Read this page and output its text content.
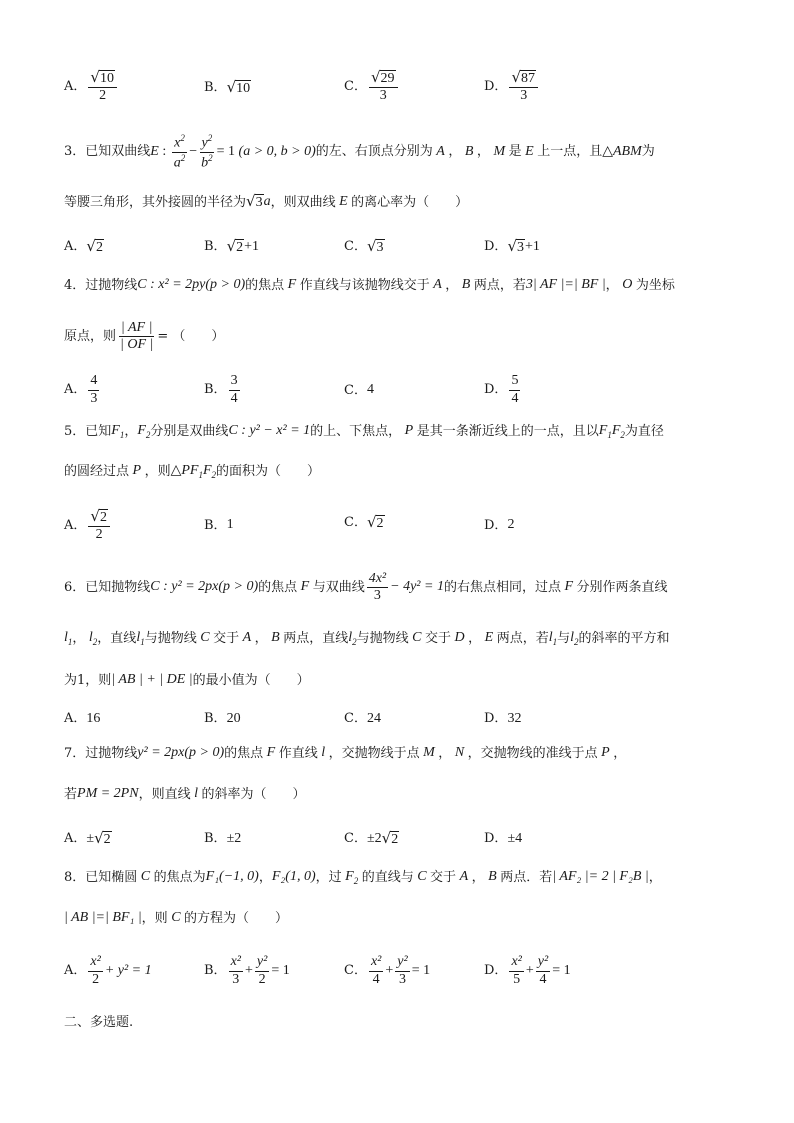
A． $\frac{√ 10}{2}$	B． √ 10	C． $\frac{√ 29}{3}$	D． $\frac{√ 87}{3}$
3．已知双曲线 E : $\frac{x^2}{a^2} - \frac{y^2}{b^2} = 1$ (a > 0, b > 0) 的左、右顶点分别为 A ， B ， M 是 E 上一点，且 △ ABM 为
等腰三角形，其外接圆的半径为 √ 3 a ，则双曲线 E 的离心率为（　　）
A． √ 2	B． √ 2 +1	C． √ 3	D． √ 3 +1
4．过抛物线 C : x² = 2py(p > 0) 的焦点 F 作直线与该抛物线交于 A ， B 两点，若 3| AF |=| BF | ， O 为坐标
原点，则 $\frac{| AF |}{| OF |}$ = （　　）
A． $\frac{4}{3}$	B． $\frac{3}{4}$	C． 4	D． $\frac{5}{4}$
5．已知 $F_1$ ， $F_2$ 分别是双曲线 C : y² − x² = 1 的上、下焦点， P 是其一条渐近线上的一点，且以 $F_1F_2$ 为直径
的圆经过点 P ，则 △ $PF_1F_2$ 的面积为（　　）
A． $\frac{√ 2}{2}$	B． 1	C． √ 2	D． 2
6．已知抛物线 C : y² = 2px(p > 0) 的焦点 F 与双曲线 $\frac{\text{4x²}}{3} - 4y^2 = 1$ 的右焦点相同，过点 F 分别作两条直线
$l_1$ ， $l_2$ ，直线 $l_1$ 与抛物线 C 交于 A ， B 两点，直线 $l_2$ 与抛物线 C 交于 D ， E 两点，若 $l_1$ 与 $l_2$ 的斜率的平方和
为1，则 | AB | + | DE | 的最小值为（　　）
A． 16	B． 20	C． 24	D． 32
7．过抛物线 y² = 2px(p > 0) 的焦点 F 作直线 l ，交抛物线于点 M ， N ，交抛物线的准线于点 P ，
若 PM = 2PN ，则直线 l 的斜率为（　　）
A． ± √ 2	B． ±2	C． ±2 √ 2	D． ±4
8．已知椭圆 C 的焦点为 F₁(−1, 0) ， F₂(1, 0) ，过 $F_2$ 的直线与 C 交于 A ， B 两点．若 | AF₂ |= 2 | F₂B | ，
| AB |=| BF₁ | ，则 C 的方程为（　　）
A． $\frac{\text{x²}}{2} + y^2 = 1$	B． $\frac{\text{x²}}{3} + \frac{\text{y²}}{2} = 1$	C． $\frac{\text{x²}}{4} + \frac{\text{y²}}{3} = 1$	D． $\frac{\text{x²}}{5} + \frac{\text{y²}}{4} = 1$
二、多选题.
